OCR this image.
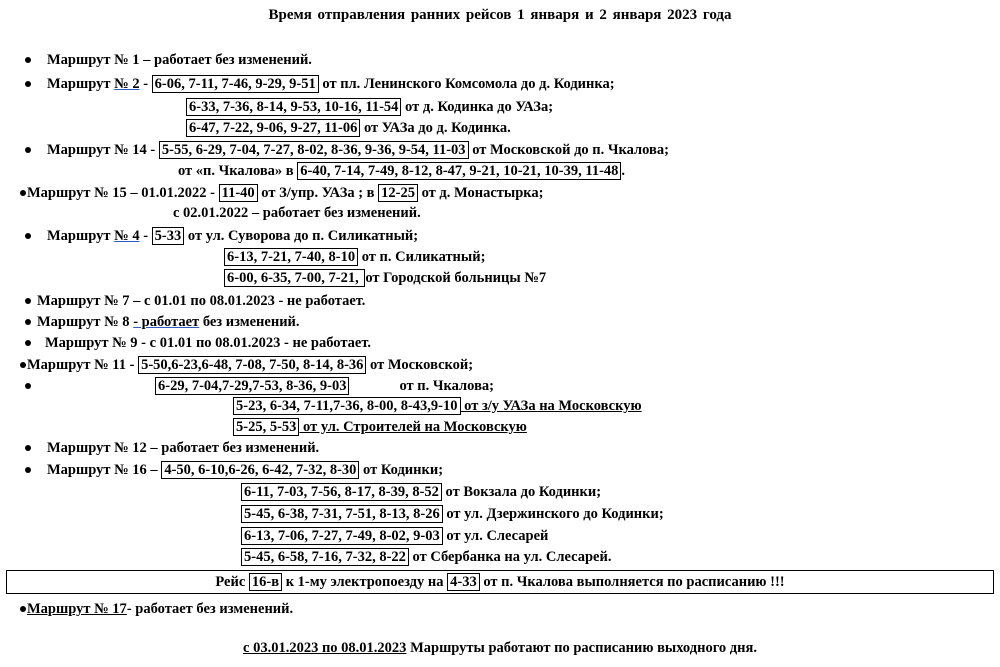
Время отправления ранних рейсов 1 января и 2 января 2023 года
Маршрут № 1 – работает без изменений.
Маршрут № 2 - 6-06, 7-11, 7-46, 9-29, 9-51 от пл. Ленинского Комсомола до д. Кодинка;
6-33, 7-36, 8-14, 9-53, 10-16, 11-54 от д. Кодинка до УАЗа;
6-47, 7-22, 9-06, 9-27, 11-06 от УАЗа до д. Кодинка.
Маршрут № 14 - 5-55, 6-29, 7-04, 7-27, 8-02, 8-36, 9-36, 9-54, 11-03 от Московской до п. Чкалова;
от «п. Чкалова» в 6-40, 7-14, 7-49, 8-12, 8-47, 9-21, 10-21, 10-39, 11-48 .
Маршрут № 15 – 01.01.2022 - 11-40 от З/упр. УАЗа ; в 12-25 от д. Монастырка;
с 02.01.2022 – работает без изменений.
Маршрут № 4 - 5-33 от ул. Суворова до п. Силикатный;
6-13, 7-21, 7-40, 8-10 от п. Силикатный;
6-00, 6-35, 7-00, 7-21, от Городской больницы №7
Маршрут № 7 – с 01.01 по 08.01.2023 - не работает.
Маршрут № 8 - работает без изменений.
Маршрут № 9 - с 01.01 по 08.01.2023 - не работает.
Маршрут № 11 - 5-50,6-23,6-48, 7-08, 7-50, 8-14, 8-36 от Московской;
6-29, 7-04,7-29,7-53, 8-36, 9-03	от п. Чкалова;
5-23, 6-34, 7-11,7-36, 8-00, 8-43,9-10 от з/у УАЗа на Московскую
5-25, 5-53 от ул. Строителей на Московскую
Маршрут № 12 – работает без изменений.
Маршрут № 16 – 4-50, 6-10,6-26, 6-42, 7-32, 8-30 от Кодинки;
6-11, 7-03, 7-56, 8-17, 8-39, 8-52 от Вокзала до Кодинки;
5-45, 6-38, 7-31, 7-51, 8-13, 8-26 от ул. Дзержинского до Кодинки;
6-13, 7-06, 7-27, 7-49, 8-02, 9-03 от ул. Слесарей
5-45, 6-58, 7-16, 7-32, 8-22 от Сбербанка на ул. Слесарей.
Рейс 16-в к 1-му электропоезду на 4-33 от п. Чкалова выполняется по расписанию !!!
Маршрут № 17- работает без изменений.
с 03.01.2023 по 08.01.2023 Маршруты работают по расписанию выходного дня.
